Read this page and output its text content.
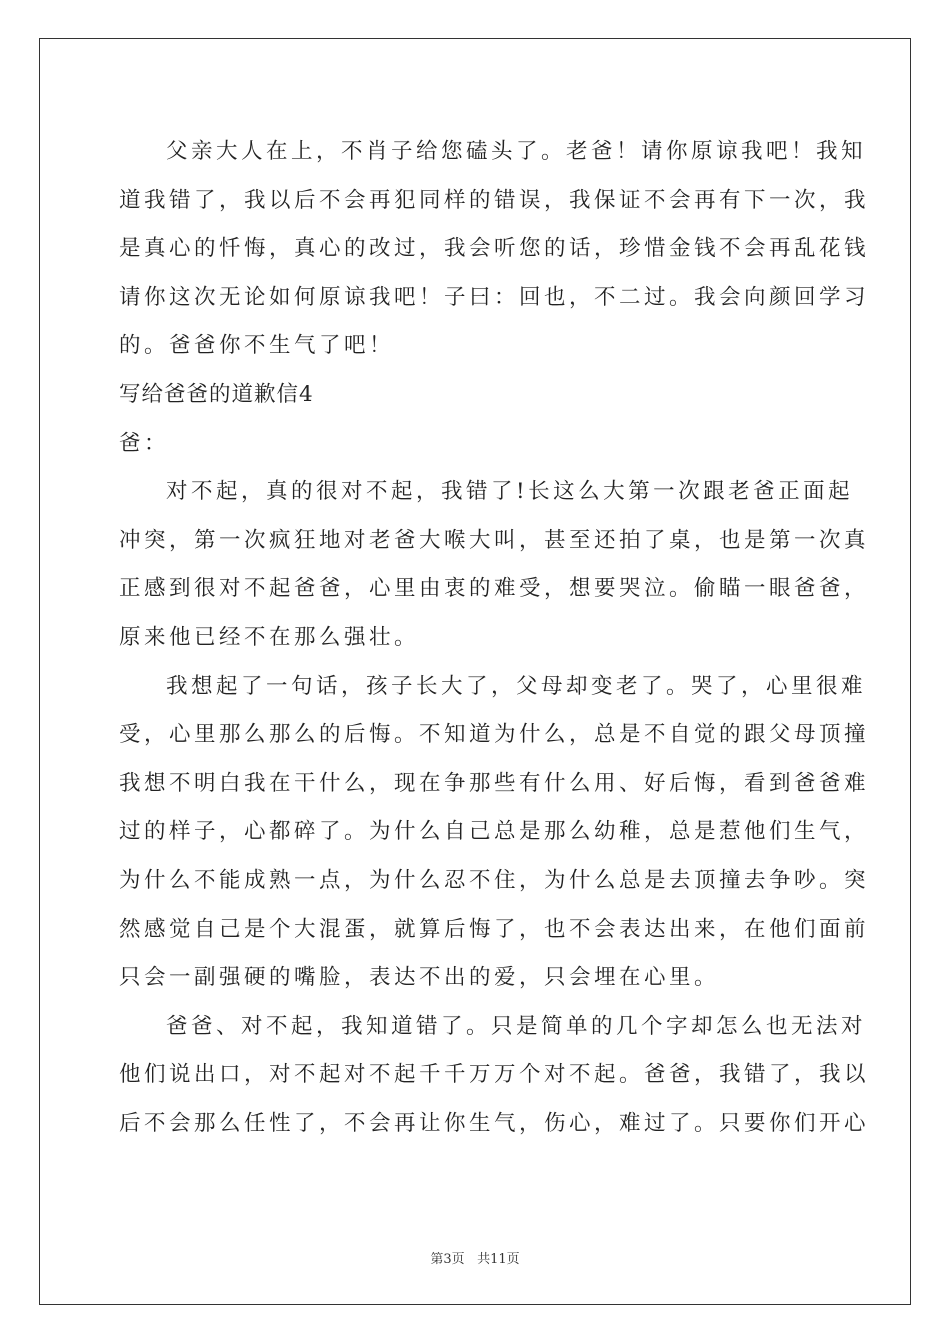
父亲大人在上，不肖子给您磕头了。老爸！请你原谅我吧！我知
道我错了，我以后不会再犯同样的错误，我保证不会再有下一次，我
是真心的忏悔，真心的改过，我会听您的话，珍惜金钱不会再乱花钱
请你这次无论如何原谅我吧！子曰：回也，不二过。我会向颜回学习
的。爸爸你不生气了吧！
写给爸爸的道歉信4
爸：
对不起，真的很对不起，我错了!长这么大第一次跟老爸正面起
冲突，第一次疯狂地对老爸大喉大叫，甚至还拍了桌，也是第一次真
正感到很对不起爸爸，心里由衷的难受，想要哭泣。偷瞄一眼爸爸，
原来他已经不在那么强壮。
我想起了一句话，孩子长大了，父母却变老了。哭了，心里很难
受，心里那么那么的后悔。不知道为什么，总是不自觉的跟父母顶撞
我想不明白我在干什么，现在争那些有什么用、好后悔，看到爸爸难
过的样子，心都碎了。为什么自己总是那么幼稚，总是惹他们生气，
为什么不能成熟一点，为什么忍不住，为什么总是去顶撞去争吵。突
然感觉自己是个大混蛋，就算后悔了，也不会表达出来，在他们面前
只会一副强硬的嘴脸，表达不出的爱，只会埋在心里。
爸爸、对不起，我知道错了。只是简单的几个字却怎么也无法对
他们说出口，对不起对不起千千万万个对不起。爸爸，我错了，我以
后不会那么任性了，不会再让你生气，伤心，难过了。只要你们开心
第3页 共11页
